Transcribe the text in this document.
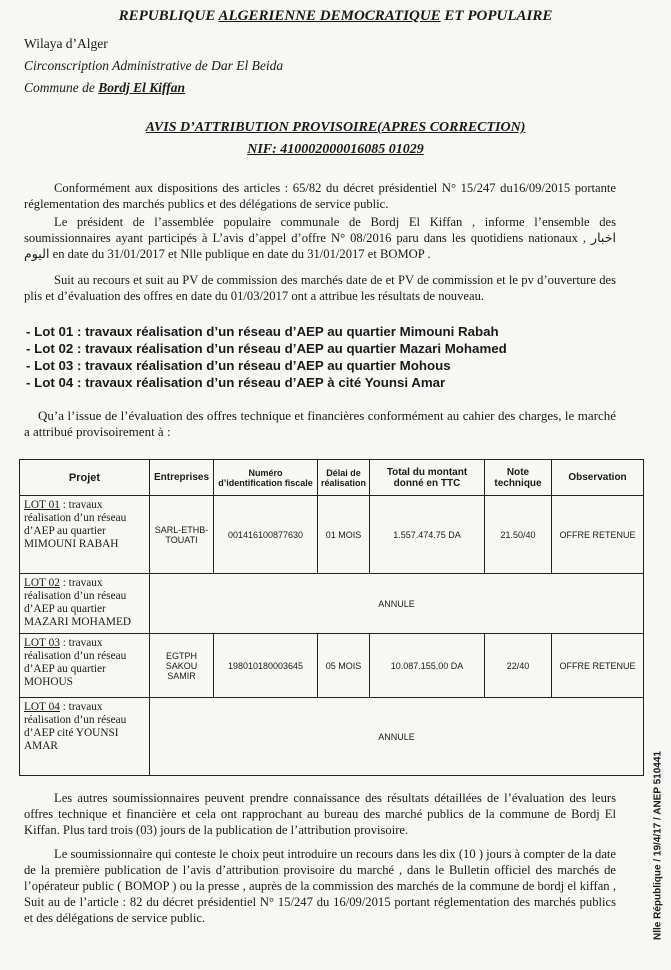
REPUBLIQUE ALGERIENNE DEMOCRATIQUE ET POPULAIRE
Wilaya d’Alger
Circonscription Administrative de Dar El Beida
Commune de Bordj El Kiffan
AVIS D’ATTRIBUTION PROVISOIRE(APRES CORRECTION)
NIF: 410002000016085 01029
Conformément aux dispositions des articles : 65/82 du décret présidentiel N° 15/247 du16/09/2015 portante réglementation des marchés publics et des délégations de service public.
Le président de l’assemblée populaire communale de Bordj El Kiffan , informe l’ensemble des soumissionnaires ayant participés à L’avis d’appel d’offre N° 08/2016 paru dans les quotidiens nationaux , اخبار اليوم en date du 31/01/2017 et Nlle publique en date du 31/01/2017 et BOMOP .
Suit au recours et suit au PV de commission des marchés date de et PV de commission et le pv d’ouverture des plis et d’évaluation des offres en date du 01/03/2017 ont a attribue les résultats de nouveau.
- Lot 01 : travaux réalisation d’un réseau d’AEP au quartier Mimouni Rabah
- Lot 02 : travaux réalisation d’un réseau d’AEP au quartier Mazari Mohamed
- Lot 03 : travaux réalisation d’un réseau d’AEP au quartier Mohous
- Lot 04 : travaux réalisation d’un réseau d’AEP à cité Younsi Amar
Qu’a l’issue de l’évaluation des offres technique et financières conformément au cahier des charges, le marché a attribué provisoirement à :
Projet	Entreprises	Numéro d’identification fiscale	Délai de réalisation	Total du montant donné en TTC	Note technique	Observation
LOT 01 : travaux réalisation d’un réseau d’AEP au quartier MIMOUNI RABAH	SARL-ETHB-TOUATI	001416100877630	01 MOIS	1.557.474.75 DA	21.50/40	OFFRE RETENUE
LOT 02 : travaux réalisation d’un réseau d’AEP au quartier MAZARI MOHAMED	ANNULE					
LOT 03 : travaux réalisation d’un réseau d’AEP au quartier MOHOUS	EGTPH SAKOU SAMIR	198010180003645	05 MOIS	10.087.155.00 DA	22/40	OFFRE RETENUE
LOT 04 : travaux réalisation d’un réseau d’AEP cité YOUNSI AMAR	ANNULE					
Les autres soumissionnaires peuvent prendre connaissance des résultats détaillées de l’évaluation des leurs offres technique et financière et cela ont rapprochant au bureau des marché publics de la commune de Bordj El Kiffan. Plus tard trois (03) jours de la publication de l’attribution provisoire.
Le soumissionnaire qui conteste le choix peut introduire un recours dans les dix (10 ) jours à compter de la date de la première publication de l’avis d’attribution provisoire du marché , dans le Bulletin officiel des marchés de l’opérateur public ( BOMOP ) ou la presse , auprès de la commission des marchés de la commune de bordj el kiffan , Suit au de l’article : 82 du décret présidentiel N° 15/247 du 16/09/2015 portant réglementation des marchés publics et des délégations de service public.	Nlle République / 19/4/17 / ANEP 510441
